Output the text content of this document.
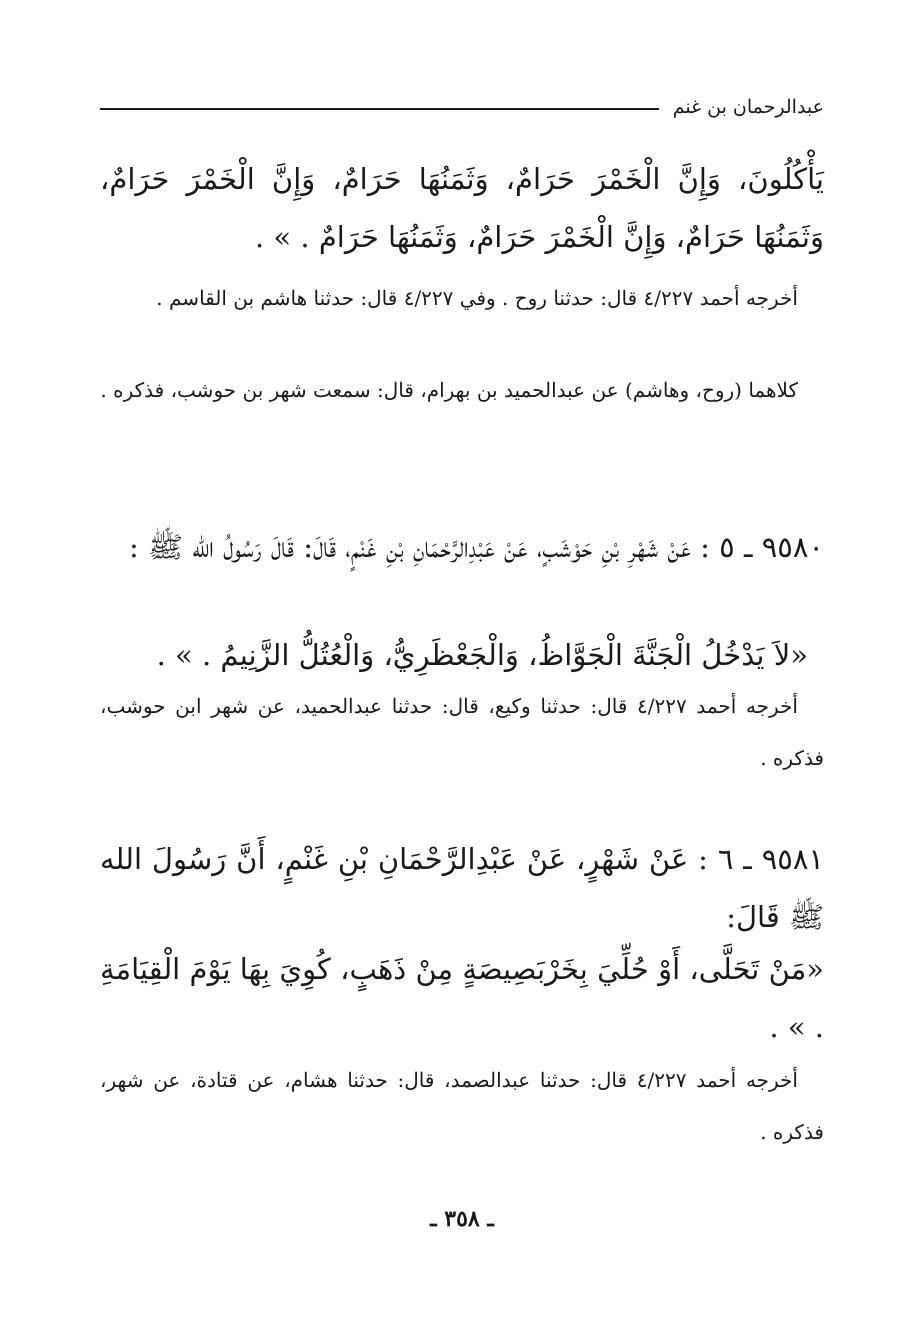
عبدالرحمان بن غنم
يَأْكُلُونَ، وَإِنَّ الْخَمْرَ حَرَامٌ، وَثَمَنُهَا حَرَامٌ، وَإِنَّ الْخَمْرَ حَرَامٌ، وَثَمَنُهَا حَرَامٌ، وَإِنَّ الْخَمْرَ حَرَامٌ، وَثَمَنُهَا حَرَامٌ . » .
أخرجه أحمد ٤/٢٢٧ قال: حدثنا روح . وفي ٤/٢٢٧ قال: حدثنا هاشم بن القاسم .
كلاهما (روح، وهاشم) عن عبدالحميد بن بهرام، قال: سمعت شهر بن حوشب، فذكره .
٩٥٨٠ ـ ٥ : عَنْ شَهْرِ بْنِ حَوْشَبٍ، عَنْ عَبْدِالرَّحْمَانِ بْنِ غَنْمٍ، قَالَ: قَالَ رَسُولُ الله ﷺ :
«لاَ يَدْخُلُ الْجَنَّةَ الْجَوَّاظُ، وَالْجَعْظَرِيُّ، وَالْعُتُلُّ الزَّنِيمُ . » .
أخرجه أحمد ٤/٢٢٧ قال: حدثنا وكيع، قال: حدثنا عبدالحميد، عن شهر ابن حوشب، فذكره .
٩٥٨١ ـ ٦ : عَنْ شَهْرٍ، عَنْ عَبْدِالرَّحْمَانِ بْنِ غَنْمٍ، أَنَّ رَسُولَ الله ﷺ قَالَ:
«مَنْ تَحَلَّى، أَوْ حُلِّيَ بِخَرْبَصِيصَةٍ مِنْ ذَهَبٍ، كُوِيَ بِهَا يَوْمَ الْقِيَامَةِ . » .
أخرجه أحمد ٤/٢٢٧ قال: حدثنا عبدالصمد، قال: حدثنا هشام، عن قتادة، عن شهر، فذكره .
ـ ٣٥٨ ـ
